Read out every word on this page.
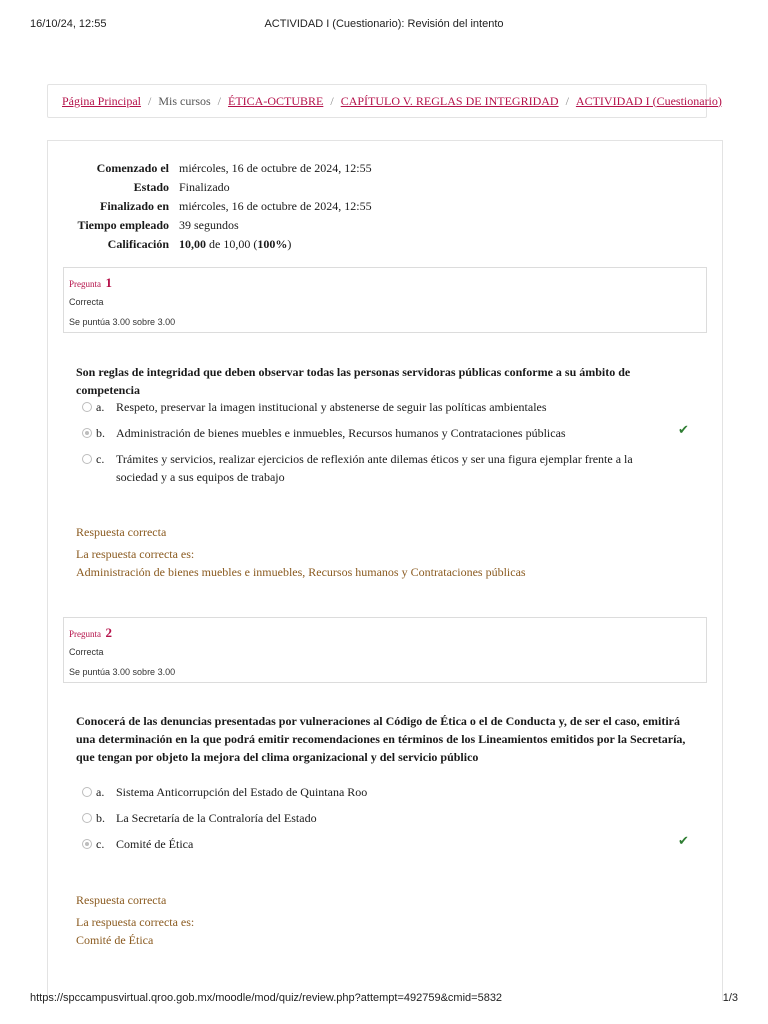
16/10/24, 12:55	ACTIVIDAD I (Cuestionario): Revisión del intento
Página Principal / Mis cursos / ÉTICA-OCTUBRE / CAPÍTULO V. REGLAS DE INTEGRIDAD / ACTIVIDAD I (Cuestionario)
Comenzado el miércoles, 16 de octubre de 2024, 12:55
Estado Finalizado
Finalizado en miércoles, 16 de octubre de 2024, 12:55
Tiempo empleado 39 segundos
Calificación 10,00 de 10,00 (100%)
Pregunta 1
Correcta
Se puntúa 3.00 sobre 3.00
Son reglas de integridad que deben observar todas las personas servidoras públicas conforme a su ámbito de competencia
a. Respeto, preservar la imagen institucional y abstenerse de seguir las políticas ambientales
b. Administración de bienes muebles e inmuebles, Recursos humanos y Contrataciones públicas	✔
c. Trámites y servicios, realizar ejercicios de reflexión ante dilemas éticos y ser una figura ejemplar frente a la sociedad y a sus equipos de trabajo
Respuesta correcta
La respuesta correcta es:
Administración de bienes muebles e inmuebles, Recursos humanos y Contrataciones públicas
Pregunta 2
Correcta
Se puntúa 3.00 sobre 3.00
Conocerá de las denuncias presentadas por vulneraciones al Código de Ética o el de Conducta y, de ser el caso, emitirá una determinación en la que podrá emitir recomendaciones en términos de los Lineamientos emitidos por la Secretaría, que tengan por objeto la mejora del clima organizacional y del servicio público
a. Sistema Anticorrupción del Estado de Quintana Roo
b. La Secretaría de la Contraloría del Estado
c. Comité de Ética	✔
Respuesta correcta
La respuesta correcta es:
Comité de Ética
https://spccampusvirtual.qroo.gob.mx/moodle/mod/quiz/review.php?attempt=492759&cmid=5832	1/3
